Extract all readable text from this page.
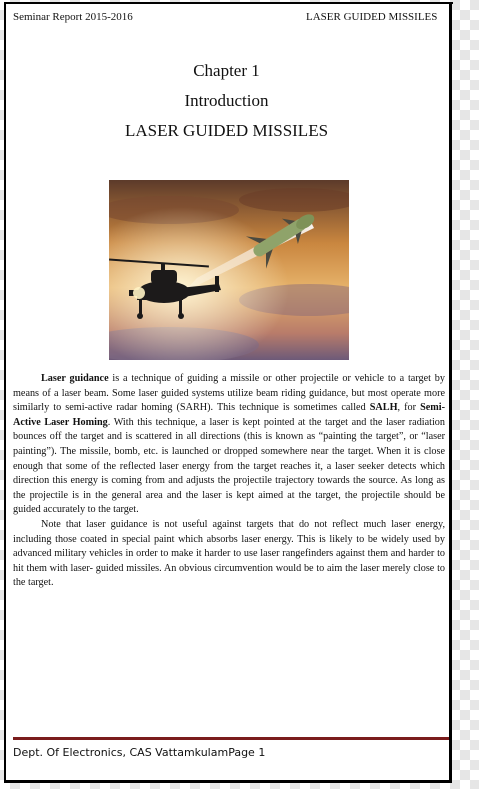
Seminar Report 2015-2016	LASER GUIDED MISSILES
Chapter 1
Introduction
LASER GUIDED MISSILES

Laser guidance is a technique of guiding a missile or other projectile or vehicle to a target by means of a laser beam. Some laser guided systems utilize beam riding guidance, but most operate more similarly to semi-active radar homing (SARH). This technique is sometimes called SALH, for Semi-Active Laser Homing. With this technique, a laser is kept pointed at the target and the laser radiation bounces off the target and is scattered in all directions (this is known as “painting the target”, or “laser painting”). The missile, bomb, etc. is launched or dropped somewhere near the target. When it is close enough that some of the reflected laser energy from the target reaches it, a laser seeker detects which direction this energy is coming from and adjusts the projectile trajectory towards the source. As long as the projectile is in the general area and the laser is kept aimed at the target, the projectile should be guided accurately to the target.

Note that laser guidance is not useful against targets that do not reflect much laser energy, including those coated in special paint which absorbs laser energy. This is likely to be widely used by advanced military vehicles in order to make it harder to use laser rangefinders against them and harder to hit them with laser- guided missiles. An obvious circumvention would be to aim the laser merely close to the target.

Dept. Of Electronics, CAS VattamkulamPage 1
